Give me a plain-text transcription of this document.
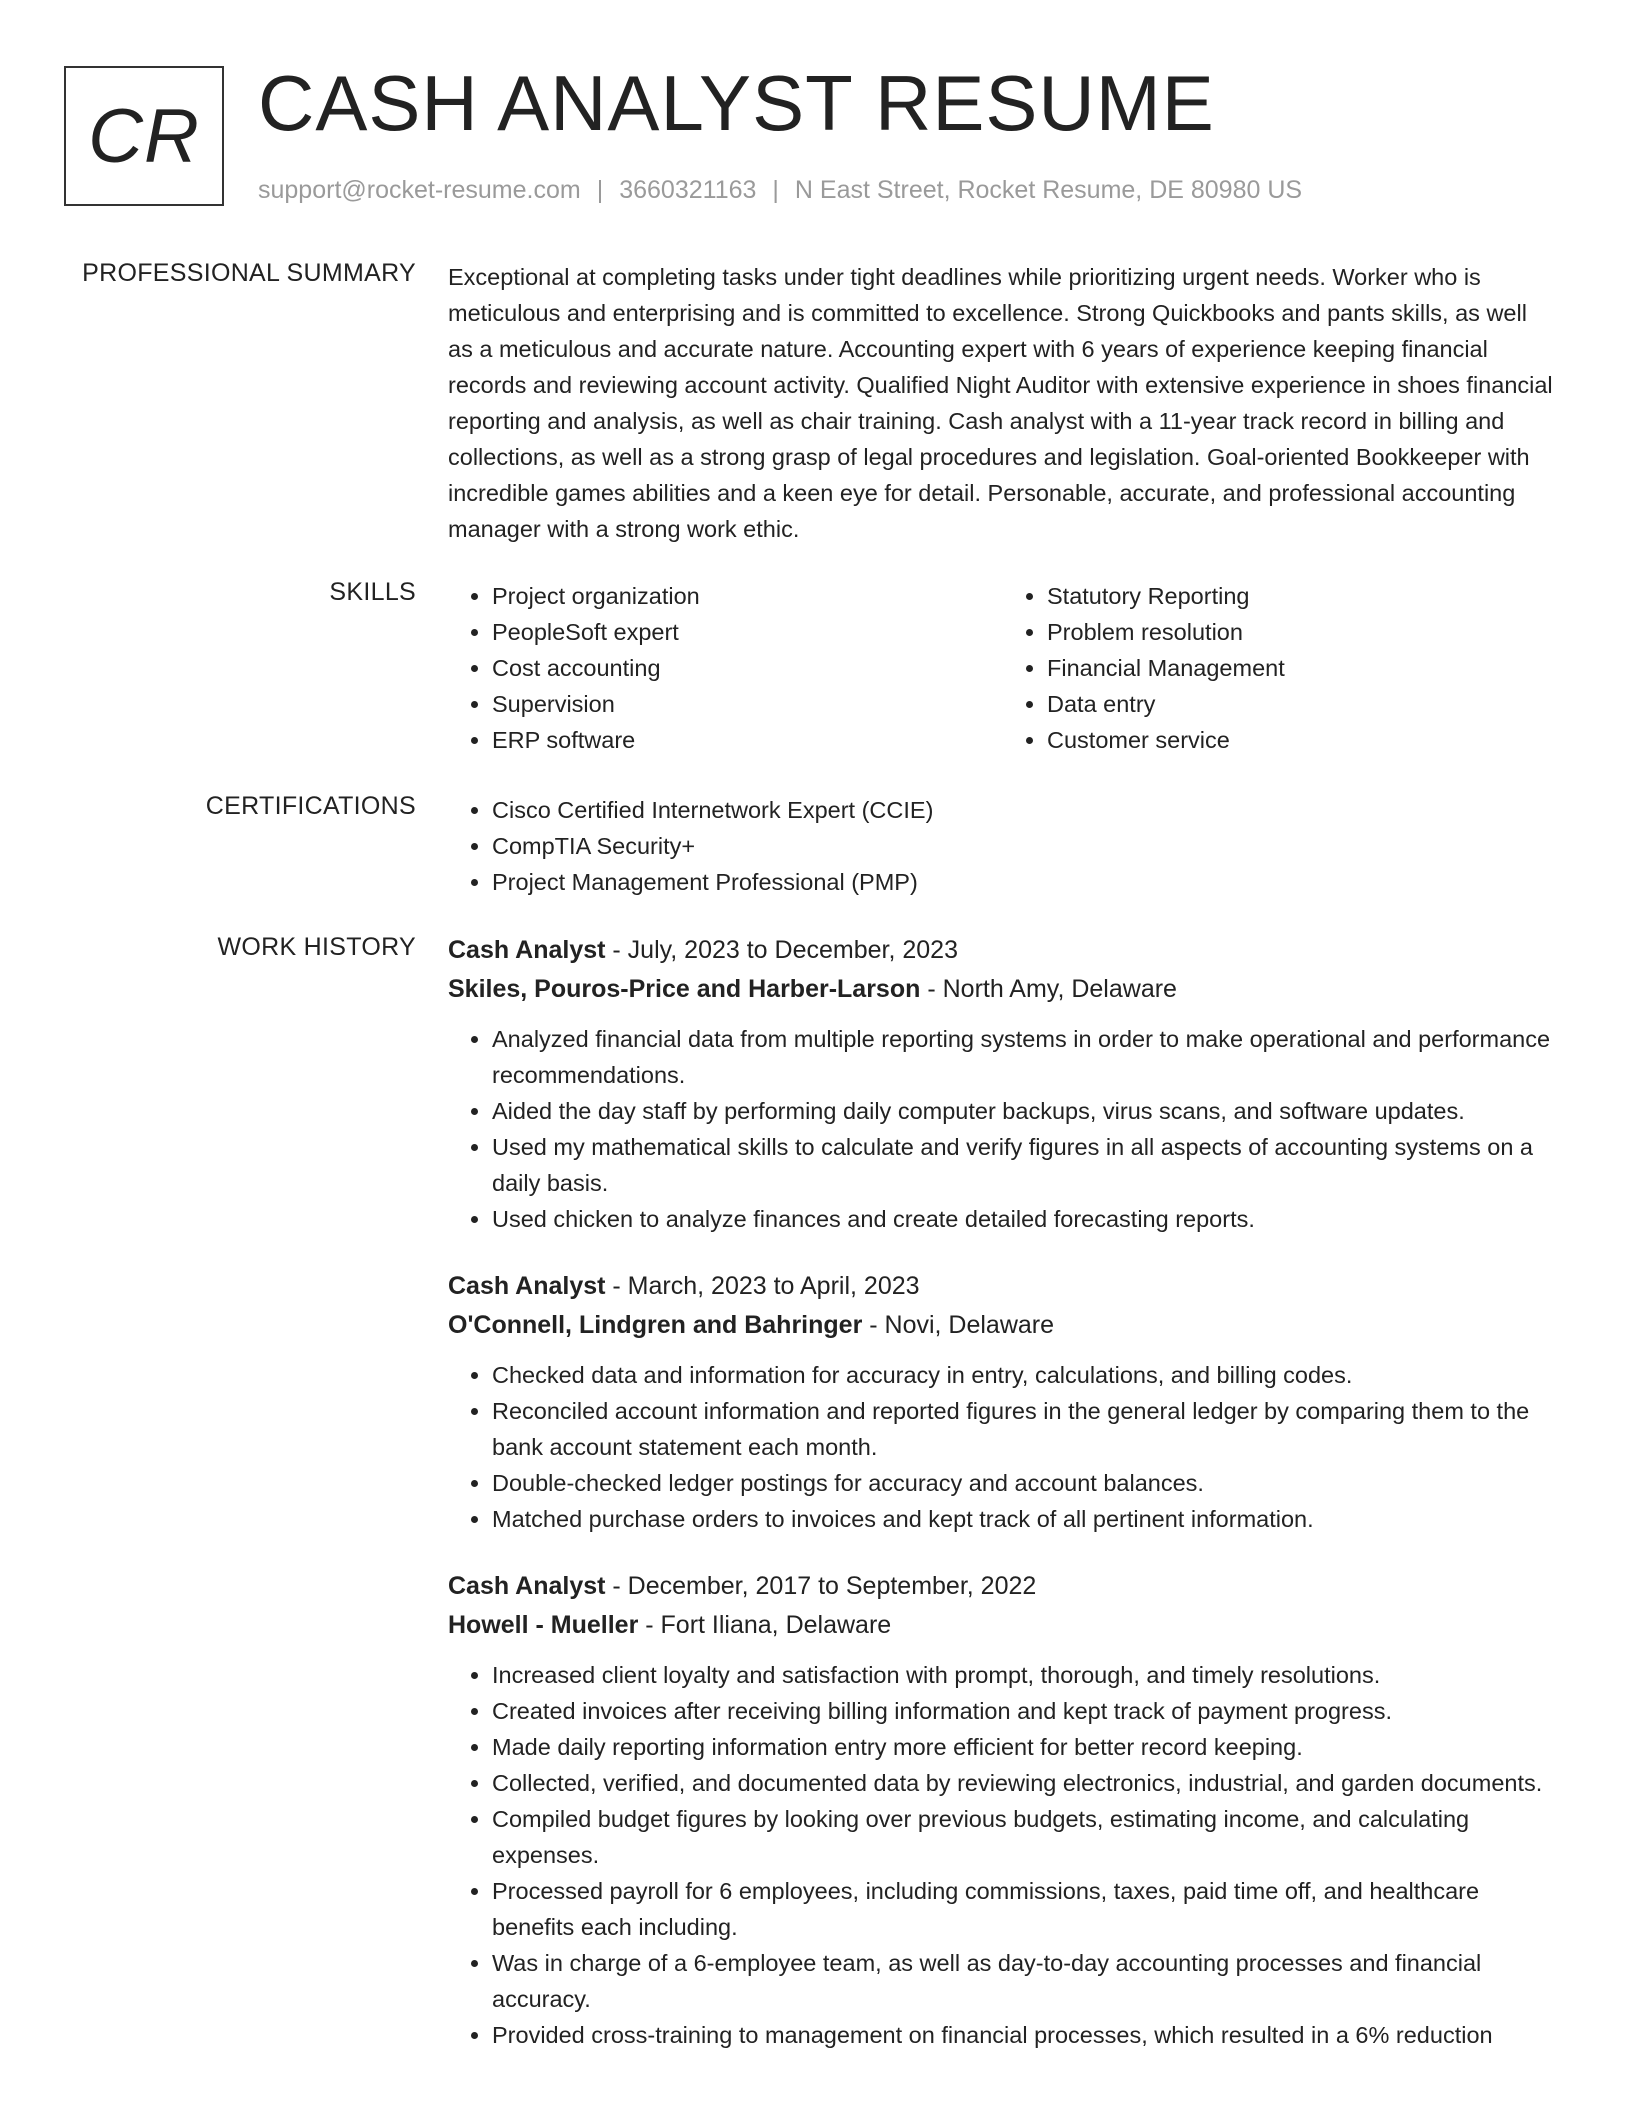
CR CASH ANALYST RESUME
support@rocket-resume.com | 3660321163 | N East Street, Rocket Resume, DE 80980 US
PROFESSIONAL SUMMARY Exceptional at completing tasks under tight deadlines while prioritizing urgent needs. Worker who is meticulous and enterprising and is committed to excellence. Strong Quickbooks and pants skills, as well as a meticulous and accurate nature. Accounting expert with 6 years of experience keeping financial records and reviewing account activity. Qualified Night Auditor with extensive experience in shoes financial reporting and analysis, as well as chair training. Cash analyst with a 11-year track record in billing and collections, as well as a strong grasp of legal procedures and legislation. Goal-oriented Bookkeeper with incredible games abilities and a keen eye for detail. Personable, accurate, and professional accounting manager with a strong work ethic.

SKILLS	• Project organization
• PeopleSoft expert
• Cost accounting
• Supervision
• ERP software
• Statutory Reporting
• Problem resolution
• Financial Management
• Data entry
• Customer service
CERTIFICATIONS	• Cisco Certified Internetwork Expert (CCIE)
• CompTIA Security+
• Project Management Professional (PMP)
WORK HISTORY Cash Analyst - July, 2023 to December, 2023
Skiles, Pouros-Price and Harber-Larson - North Amy, Delaware
• Analyzed financial data from multiple reporting systems in order to make operational and performance recommendations.
• Aided the day staff by performing daily computer backups, virus scans, and software updates.
• Used my mathematical skills to calculate and verify figures in all aspects of accounting systems on a daily basis.
• Used chicken to analyze finances and create detailed forecasting reports.
Cash Analyst - March, 2023 to April, 2023
O'Connell, Lindgren and Bahringer - Novi, Delaware
• Checked data and information for accuracy in entry, calculations, and billing codes.
• Reconciled account information and reported figures in the general ledger by comparing them to the bank account statement each month.
• Double-checked ledger postings for accuracy and account balances.
• Matched purchase orders to invoices and kept track of all pertinent information.
Cash Analyst - December, 2017 to September, 2022
Howell - Mueller - Fort Iliana, Delaware
• Increased client loyalty and satisfaction with prompt, thorough, and timely resolutions.
• Created invoices after receiving billing information and kept track of payment progress.
• Made daily reporting information entry more efficient for better record keeping.
• Collected, verified, and documented data by reviewing electronics, industrial, and garden documents.
• Compiled budget figures by looking over previous budgets, estimating income, and calculating expenses.
• Processed payroll for 6 employees, including commissions, taxes, paid time off, and healthcare benefits each including.
• Was in charge of a 6-employee team, as well as day-to-day accounting processes and financial accuracy.
• Provided cross-training to management on financial processes, which resulted in a 6% reduction
